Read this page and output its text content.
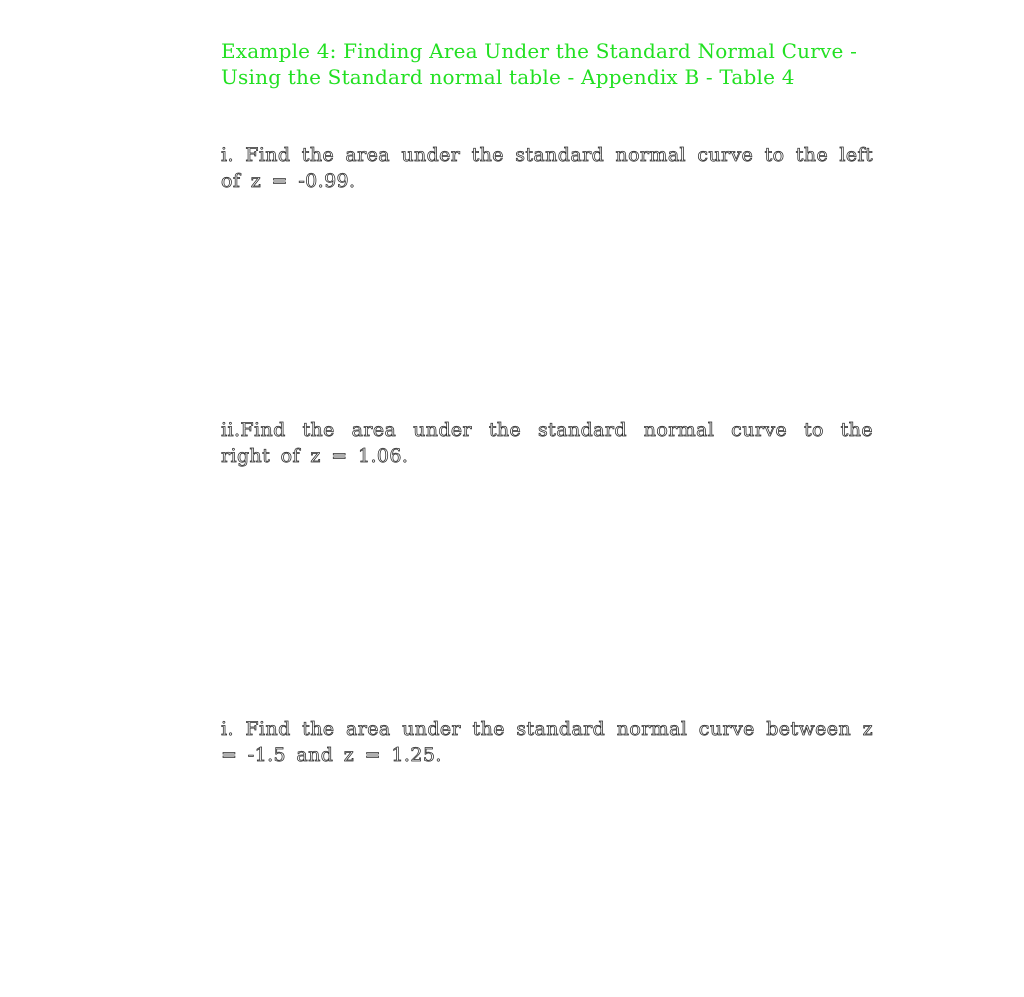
Example 4: Finding Area Under the Standard Normal Curve - Using the Standard normal table - Appendix B - Table 4

i. Find the area under the standard normal curve to the left of z = -0.99.

ii.Find the area under the standard normal curve to the right of z = 1.06.

i. Find the area under the standard normal curve between z = -1.5 and z = 1.25.
